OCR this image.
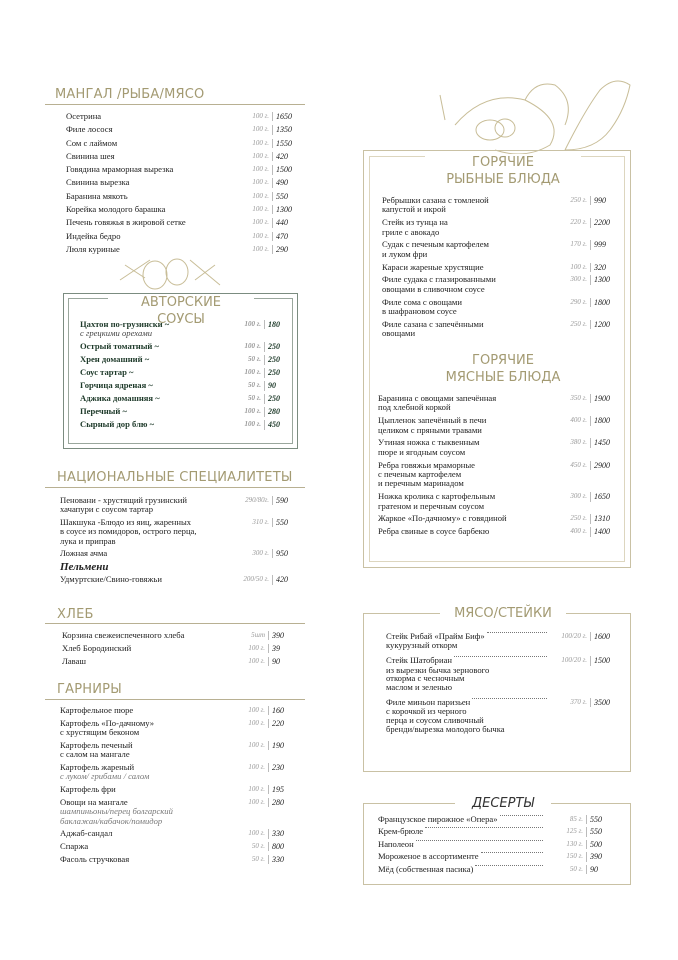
МАНГАЛ /РЫБА/МЯСО
Осетрина	100 г. 1650
Филе лосося	100 г. 1350
Сом с лаймом	100 г. 1550
Свинина шея	100 г. 420
Говядина мраморная вырезка	100 г. 1500
Свинина вырезка	100 г. 490
Баранина мякоть	100 г. 550
Корейка молодого барашка	100 г. 1300
Печень говяжья в жировой сетке	100 г. 440
Индейка бедро	100 г. 470
Люля куриные	100 г. 290
АВТОРСКИЕ СОУСЫ
Цахтон по-грузински ~
с грецкими орехами
100 г. 180
Острый томатный ~	100 г. 250
Хрен домашний ~	50 г. 250
Соус тартар ~	100 г. 250
Горчица ядреная ~	50 г. 90
Аджика домашняя ~	50 г. 250
Перечный ~	100 г. 280
Сырный дор блю ~	100 г. 450
НАЦИОНАЛЬНЫЕ СПЕЦИАЛИТЕТЫ
Пеновани - хрустящий грузинский
хачапури с соусом тартар
290/80г. 590
Шакшука -Блюдо из яиц, жаренных
в соусе из помидоров, острого перца,
лука и приправ
310 г. 550
Ложная ачма	300 г. 950
Пельмени
Удмуртские/Свино-говяжьи	200/50 г. 420
ХЛЕБ
Корзина свежеиспеченного хлеба	5шт 390
Хлеб Бородинский	100 г. 39
Лаваш	100 г. 90
ГАРНИРЫ
Картофельное пюре	100 г. 160
Картофель «По-дачному»
с хрустящим беконом
100 г. 220
Картофель печеный
с салом на мангале
100 г. 190
Картофель жареный
с луком/ грибами / салом
100 г. 230
Картофель фри	100 г. 195
Овощи на мангале
шампиньоны/перец болгарский
баклажан/кабачок/помидор
100 г. 280
Аджаб-сандал	100 г. 330
Спаржа	50 г. 800
Фасоль стручковая	50 г. 330
ГОРЯЧИЕ
РЫБНЫЕ БЛЮДА
Ребрышки сазана с томленой
капустой и икрой
250 г. 990
Стейк из тунца на
гриле с авокадо
220 г. 2200
Судак с печеным картофелем
и луком фри
170 г. 999
Караси жареные хрустящие	100 г. 320
Филе судака с глазированными
овощами в сливочном соусе
300 г. 1300
Филе сома с овощами
в шафрановом соусе
290 г. 1800
Филе сазана с запечёнными
овощами
250 г. 1200
ГОРЯЧИЕ
МЯСНЫЕ БЛЮДА
Баранина с овощами запечённая
под хлебной коркой
350 г. 1900
Цыпленок запечённый в печи
целиком с пряными травами
400 г. 1800
Утиная ножка с тыквенным
пюре и ягодным соусом
380 г. 1450
Ребра говяжьи мраморные
с печеным картофелем
и перечным маринадом
450 г. 2900
Ножка кролика с картофельным
гратеном и перечным соусом
300 г. 1650
Жаркое «По-дачному» с говядиной	250 г. 1310
Ребра свиные в соусе барбекю	400 г. 1400
МЯСО/СТЕЙКИ
Стейк Рибай «Прайм Биф»	100/20 г. 1600
кукурузный откорм
Стейк Шатобриан	100/20 г. 1500
из вырезки бычка зернового
откорма с чесночным
маслом и зеленью
Филе миньон паризьен	370 г. 3500
с корочкой из черного
перца и соусом сливочный
бренди/вырезка молодого бычка
ДЕСЕРТЫ
Французское пирожное «Опера»	85 г. 550
Крем-брюле	125 г. 550
Наполеон	130 г. 500
Мороженое в ассортименте	150 г. 390
Мёд (собственная пасика)	50 г. 90
